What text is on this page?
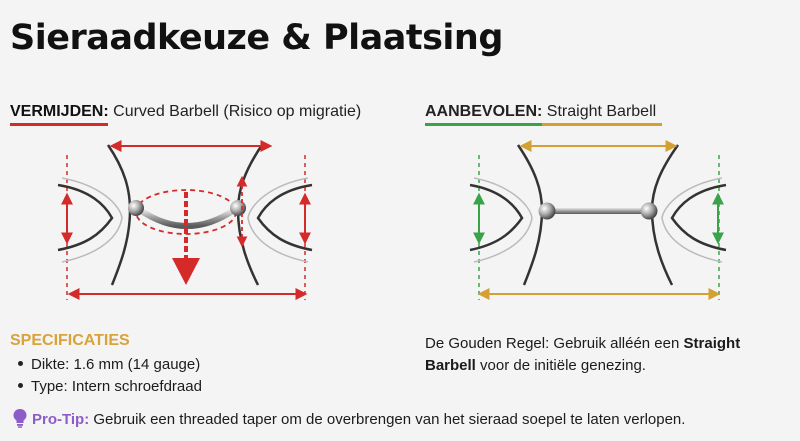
Sieraadkeuze & Plaatsing
VERMIJDEN: Curved Barbell (Risico op migratie)	AANBEVOLEN: Straight Barbell
SPECIFICATIES
Dikte: 1.6 mm (14 gauge)
Type: Intern schroefdraad
De Gouden Regel: Gebruik alléén een Straight Barbell voor de initiële genezing.
Pro-Tip: Gebruik een threaded taper om de overbrengen van het sieraad soepel te laten verlopen.
